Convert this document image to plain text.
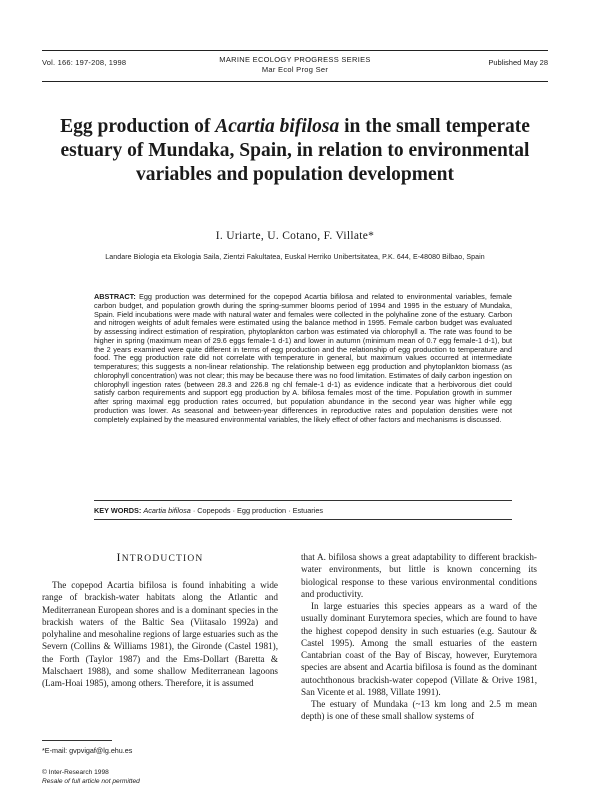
Vol. 166: 197-208, 1998	MARINE ECOLOGY PROGRESS SERIES
Mar Ecol Prog Ser
Published May 28
Egg production of Acartia bifilosa in the small temperate estuary of Mundaka, Spain, in relation to environmental variables and population development
I. Uriarte, U. Cotano, F. Villate*
Landare Biologia eta Ekologia Saila, Zientzi Fakultatea, Euskal Herriko Unibertsitatea, P.K. 644, E-48080 Bilbao, Spain
ABSTRACT: Egg production was determined for the copepod Acartia bifilosa and related to environmental variables, female carbon budget, and population growth during the spring-summer blooms period of 1994 and 1995 in the estuary of Mundaka, Spain. Field incubations were made with natural water and females were collected in the polyhaline zone of the estuary. Carbon and nitrogen weights of adult females were estimated using the balance method in 1995. Female carbon budget was evaluated by assessing indirect estimation of respiration, phytoplankton carbon was estimated via chlorophyll a. The rate was found to be higher in spring (maximum mean of 29.6 eggs female-1 d-1) and lower in autumn (minimum mean of 0.7 egg female-1 d-1), but the 2 years examined were quite different in terms of egg production and the relationship of egg production to temperature and food. The egg production rate did not correlate with temperature in general, but maximum values occurred at intermediate temperatures; this suggests a non-linear relationship. The relationship between egg production and phytoplankton biomass (as chlorophyll concentration) was not clear; this may be because there was no food limitation. Estimates of daily carbon ingestion on chlorophyll ingestion rates (between 28.3 and 226.8 ng chl female-1 d-1) as evidence indicate that a herbivorous diet could satisfy carbon requirements and support egg production by A. bifilosa females most of the time. Population growth in summer after spring maximal egg production rates occurred, but population abundance in the second year was higher while egg production was lower. As seasonal and between-year differences in reproductive rates and population densities were not completely explained by the measured environmental variables, the likely effect of other factors and mechanisms is discussed.
KEY WORDS: Acartia bifilosa · Copepods · Egg production · Estuaries
INTRODUCTION

The copepod Acartia bifilosa is found inhabiting a wide range of brackish-water habitats along the Atlantic and Mediterranean European shores and is a dominant species in the brackish waters of the Baltic Sea (Viitasalo 1992a) and polyhaline and mesohaline regions of large estuaries such as the Severn (Collins & Williams 1981), the Gironde (Castel 1981), the Forth (Taylor 1987) and the Ems-Dollart (Baretta & Malschaert 1988), and some shallow Mediterranean lagoons (Lam-Hoai 1985), among others. Therefore, it is assumed

that A. bifilosa shows a great adaptability to different brackish-water environments, but little is known concerning its biological response to these various environmental conditions and productivity.

In large estuaries this species appears as a ward of the usually dominant Eurytemora species, which are found to have the highest copepod density in such estuaries (e.g. Sautour & Castel 1995). Among the small estuaries of the eastern Cantabrian coast of the Bay of Biscay, however, Eurytemora species are absent and Acartia bifilosa is found as the dominant autochthonous brackish-water copepod (Villate & Orive 1981, San Vicente et al. 1988, Villate 1991).

The estuary of Mundaka (~13 km long and 2.5 m mean depth) is one of these small shallow systems of

*E-mail: gvpvigaf@lg.ehu.es
© Inter-Research 1998
Resale of full article not permitted
